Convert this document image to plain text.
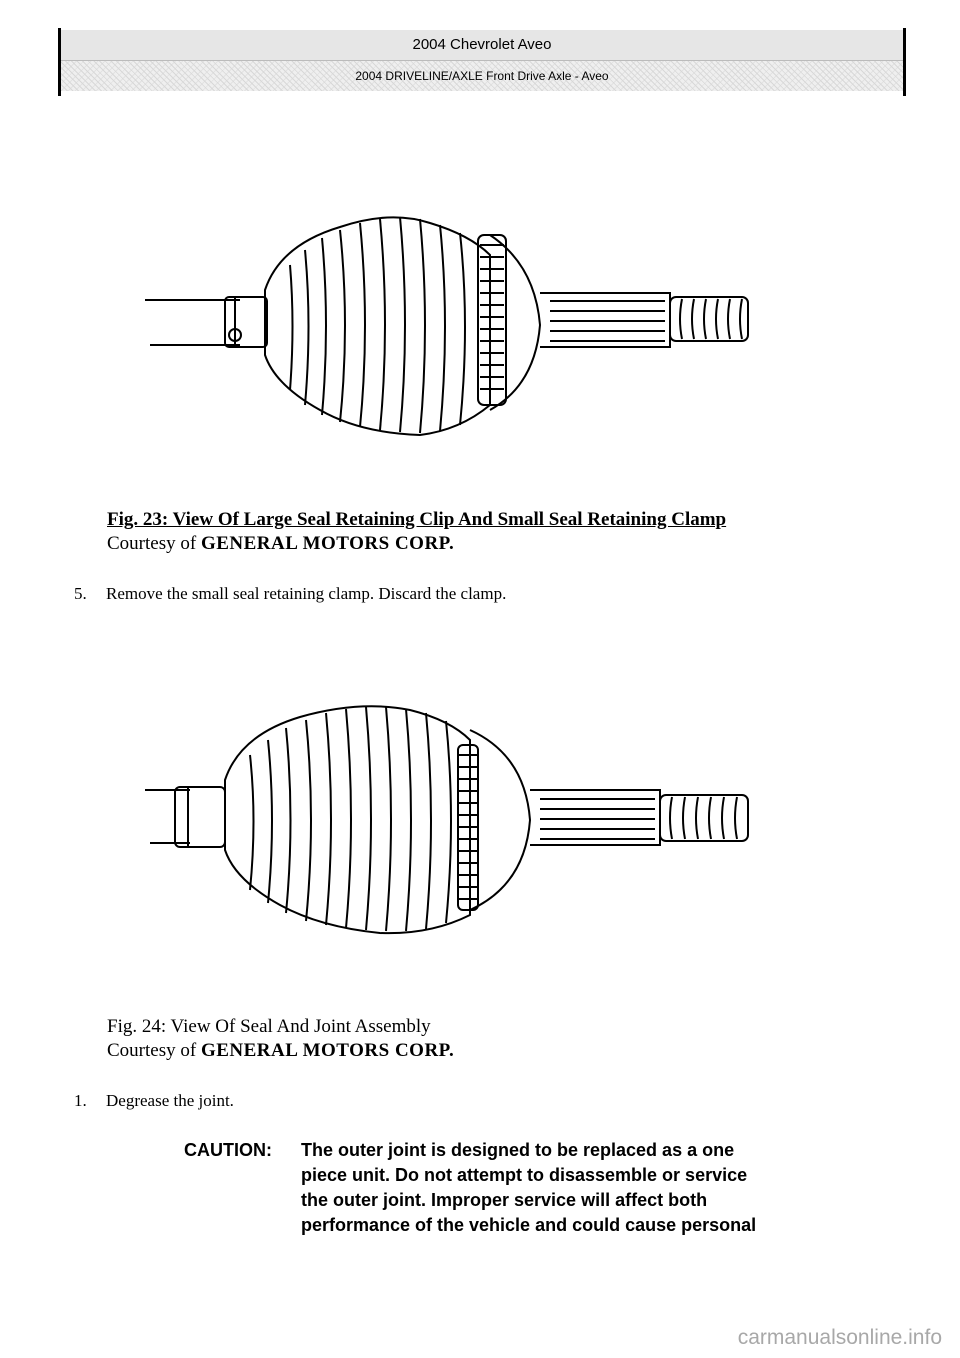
2004 Chevrolet Aveo
2004 DRIVELINE/AXLE Front Drive Axle - Aveo
Fig. 23: View Of Large Seal Retaining Clip And Small Seal Retaining Clamp
Courtesy of GENERAL MOTORS CORP.
5. Remove the small seal retaining clamp. Discard the clamp.
Fig. 24: View Of Seal And Joint Assembly
Courtesy of GENERAL MOTORS CORP.
1. Degrease the joint.
CAUTION: The outer joint is designed to be replaced as a one
piece unit. Do not attempt to disassemble or service
the outer joint. Improper service will affect both
performance of the vehicle and could cause personal
carmanualsonline.info
